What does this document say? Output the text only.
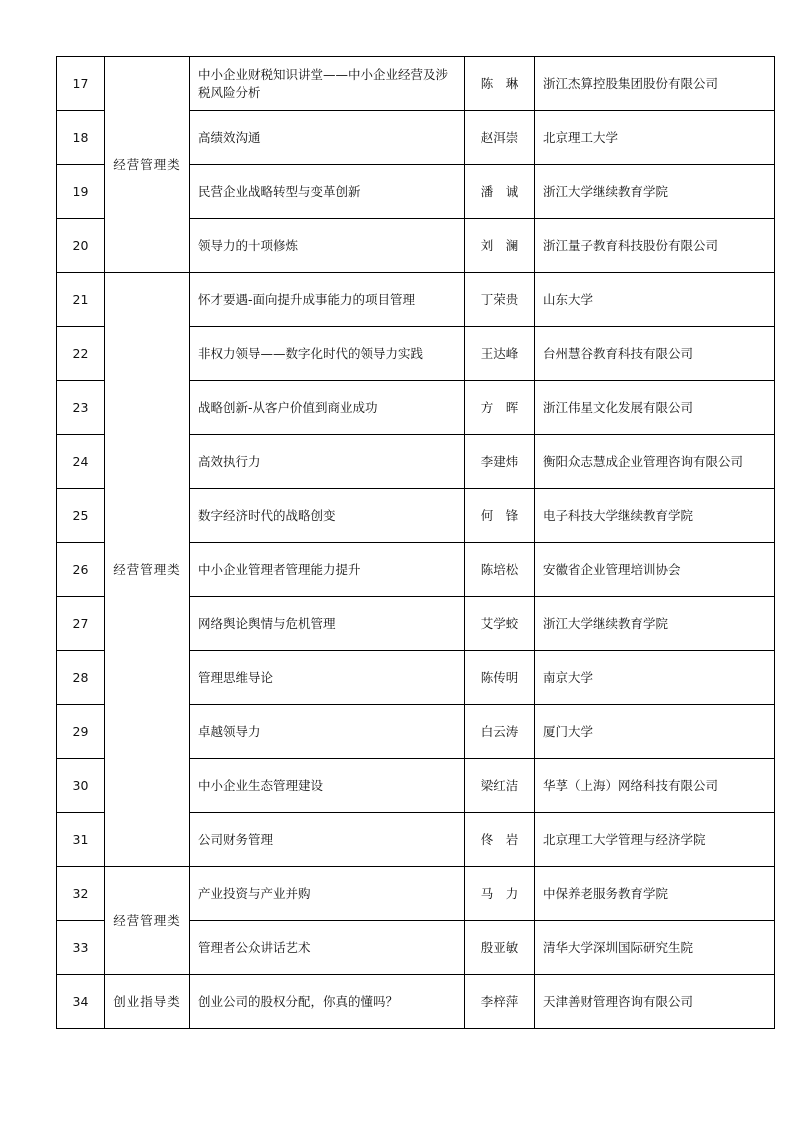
17	经营管理类	中小企业财税知识讲堂——中小企业经营及涉税风险分析	陈　琳	浙江杰算控股集团股份有限公司
18		高绩效沟通	赵洱崇	北京理工大学
19		民营企业战略转型与变革创新	潘　诚	浙江大学继续教育学院
20		领导力的十项修炼	刘　澜	浙江量子教育科技股份有限公司
21	经营管理类	怀才要遇-面向提升成事能力的项目管理	丁荣贵	山东大学
22		非权力领导——数字化时代的领导力实践	王达峰	台州慧谷教育科技有限公司
23		战略创新-从客户价值到商业成功	方　晖	浙江伟星文化发展有限公司
24		高效执行力	李建炜	衡阳众志慧成企业管理咨询有限公司
25		数字经济时代的战略创变	何　锋	电子科技大学继续教育学院
26		中小企业管理者管理能力提升	陈培松	安徽省企业管理培训协会
27		网络舆论舆情与危机管理	艾学蛟	浙江大学继续教育学院
28		管理思维导论	陈传明	南京大学
29		卓越领导力	白云涛	厦门大学
30		中小企业生态管理建设	梁红洁	华莩（上海）网络科技有限公司
31		公司财务管理	佟　岩	北京理工大学管理与经济学院
32	经营管理类	产业投资与产业并购	马　力	中保养老服务教育学院
33		管理者公众讲话艺术	殷亚敏	清华大学深圳国际研究生院
34	创业指导类	创业公司的股权分配，你真的懂吗？	李梓萍	天津善财管理咨询有限公司
